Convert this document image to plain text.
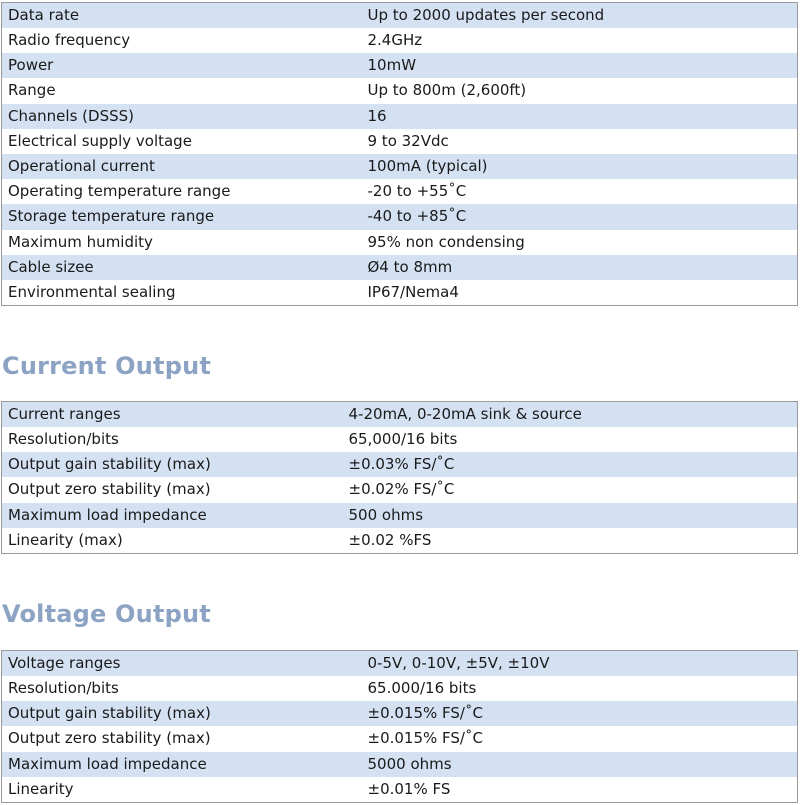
Data rate	Up to 2000 updates per second
Radio frequency	2.4GHz
Power	10mW
Range	Up to 800m (2,600ft)
Channels (DSSS)	16
Electrical supply voltage	9 to 32Vdc
Operational current	100mA (typical)
Operating temperature range	-20 to +55˚C
Storage temperature range	-40 to +85˚C
Maximum humidity	95% non condensing
Cable sizee	Ø4 to 8mm
Environmental sealing	IP67/Nema4
Current Output
Current ranges	4-20mA, 0-20mA sink & source
Resolution/bits	65,000/16 bits
Output gain stability (max)	±0.03% FS/˚C
Output zero stability (max)	±0.02% FS/˚C
Maximum load impedance	500 ohms
Linearity (max)	±0.02 %FS
Voltage Output
Voltage ranges	0-5V, 0-10V, ±5V, ±10V
Resolution/bits	65.000/16 bits
Output gain stability (max)	±0.015% FS/˚C
Output zero stability (max)	±0.015% FS/˚C
Maximum load impedance	5000 ohms
Linearity	±0.01% FS
